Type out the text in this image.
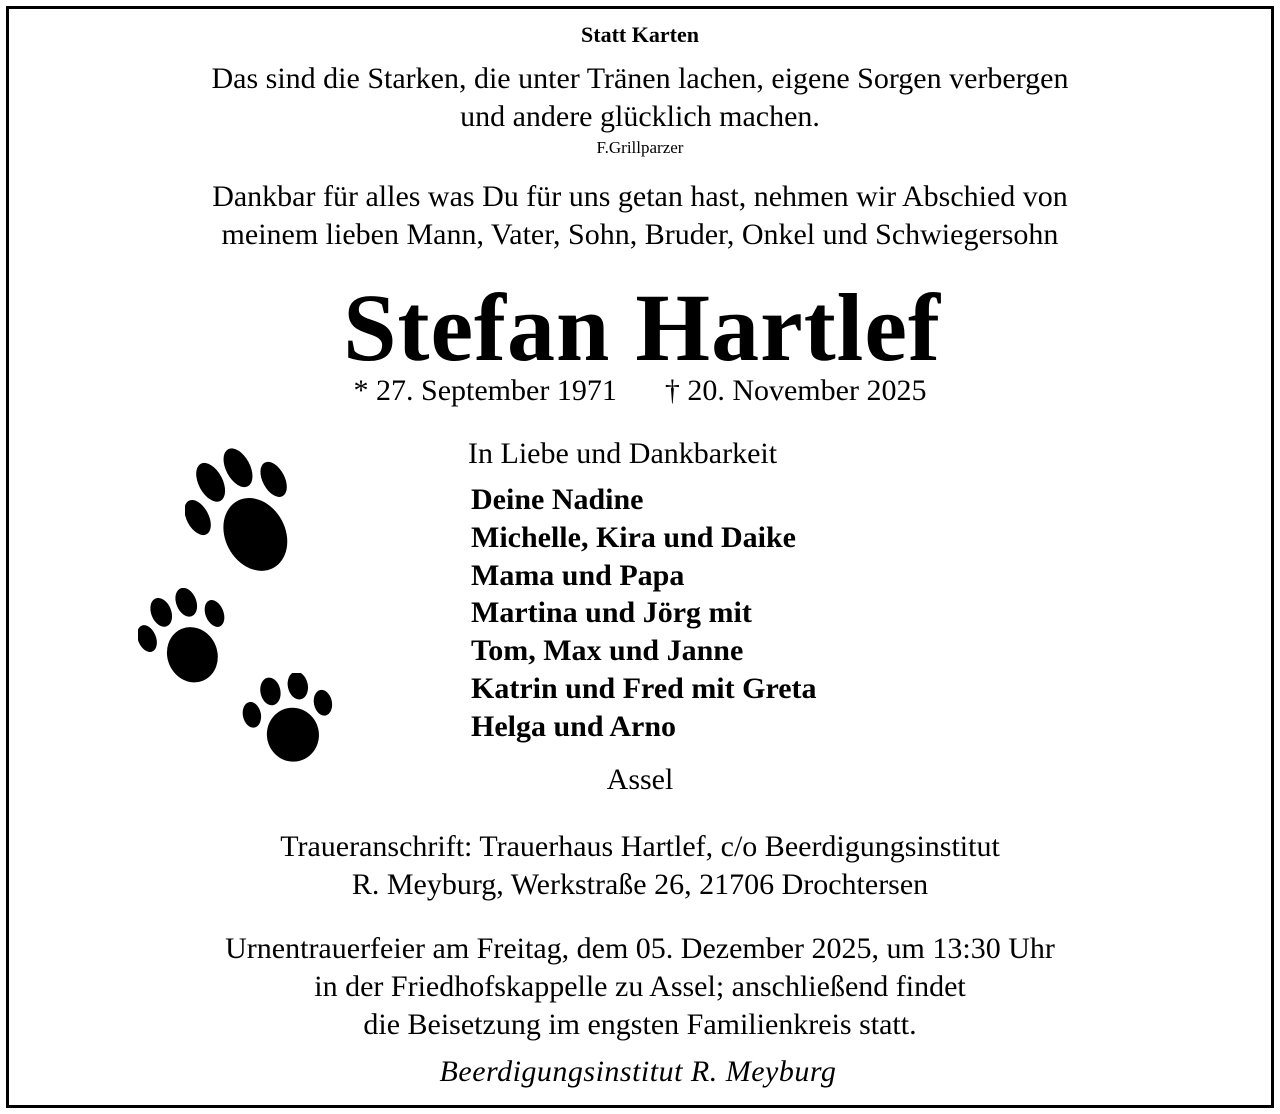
Statt Karten

Das sind die Starken, die unter Tränen lachen, eigene Sorgen verbergen
und andere glücklich machen.

F.Grillparzer

Dankbar für alles was Du für uns getan hast, nehmen wir Abschied von
meinem lieben Mann, Vater, Sohn, Bruder, Onkel und Schwiegersohn

Stefan Hartlef

* 27. September 1971 † 20. November 2025

In Liebe und Dankbarkeit
Deine Nadine
Michelle, Kira und Daike
Mama und Papa
Martina und Jörg mit
Tom, Max und Janne
Katrin und Fred mit Greta
Helga und Arno
Z
J
E

Assel

Traueranschrift: Trauerhaus Hartlef, c/o Beerdigungsinstitut
R. Meyburg, Werkstraße 26, 21706 Drochtersen
Urnentrauerfeier am Freitag, dem 05. Dezember 2025, um 13:30 Uhr
in der Friedhofskappelle zu Assel; anschließend findet
die Beisetzung im engsten Familienkreis statt.

Beerdigungsinstitut R. Meyburg
